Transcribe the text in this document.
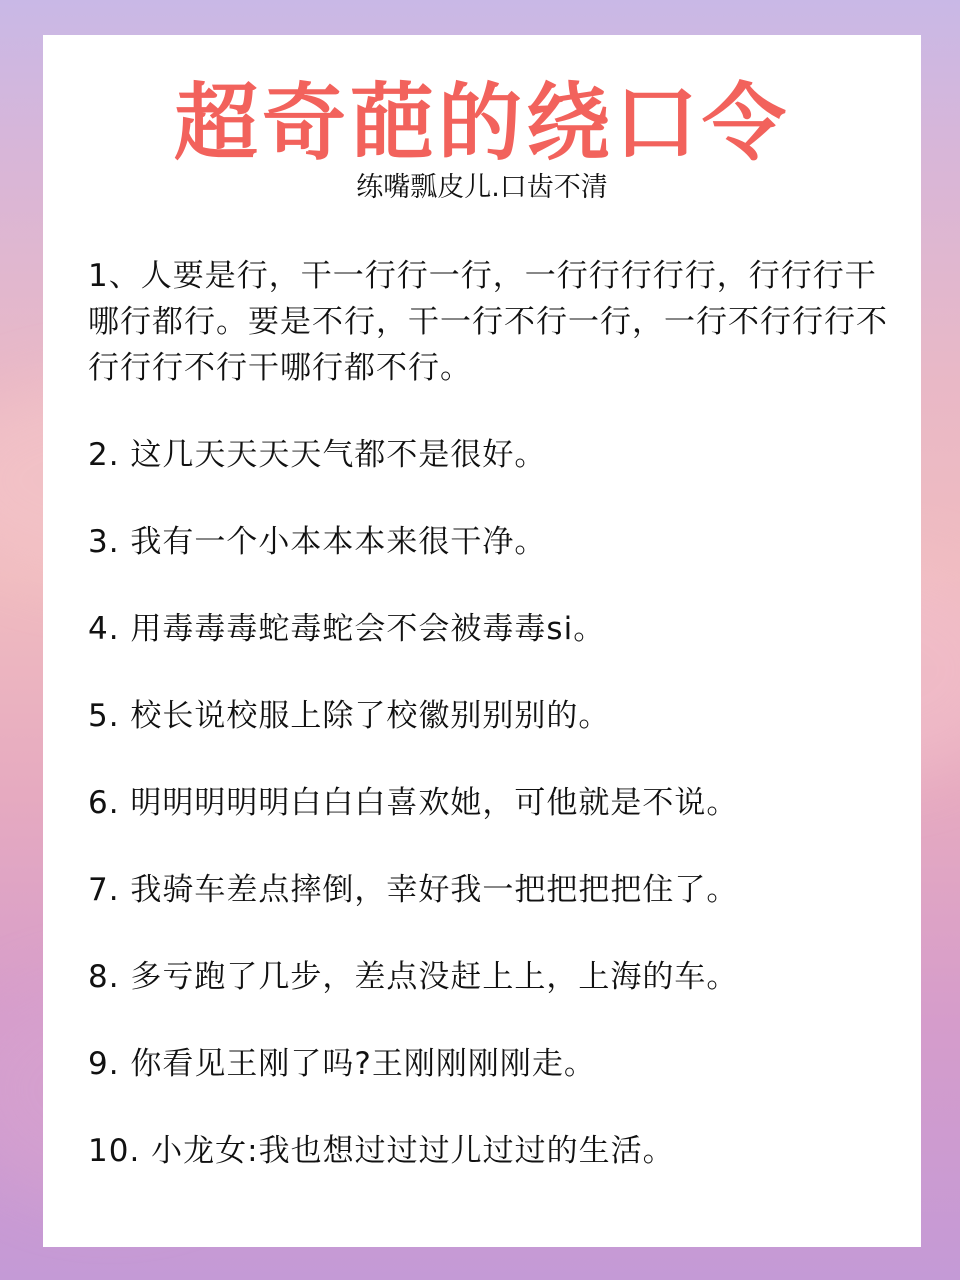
超奇葩的绕口令
练嘴瓢皮儿.口齿不清
1、人要是行，干一行行一行，一行行行行行，行行行干哪行都行。要是不行，干一行不行一行，一行不行行行不行行行不行干哪行都不行。
2. 这几天天天天气都不是很好。
3. 我有一个小本本本来很干净。
4. 用毒毒毒蛇毒蛇会不会被毒毒si。
5. 校长说校服上除了校徽别别别的。
6. 明明明明明白白白喜欢她，可他就是不说。
7. 我骑车差点摔倒，幸好我一把把把把住了。
8. 多亏跑了几步，差点没赶上上，上海的车。
9. 你看见王刚了吗?王刚刚刚刚走。
10. 小龙女:我也想过过过儿过过的生活。
